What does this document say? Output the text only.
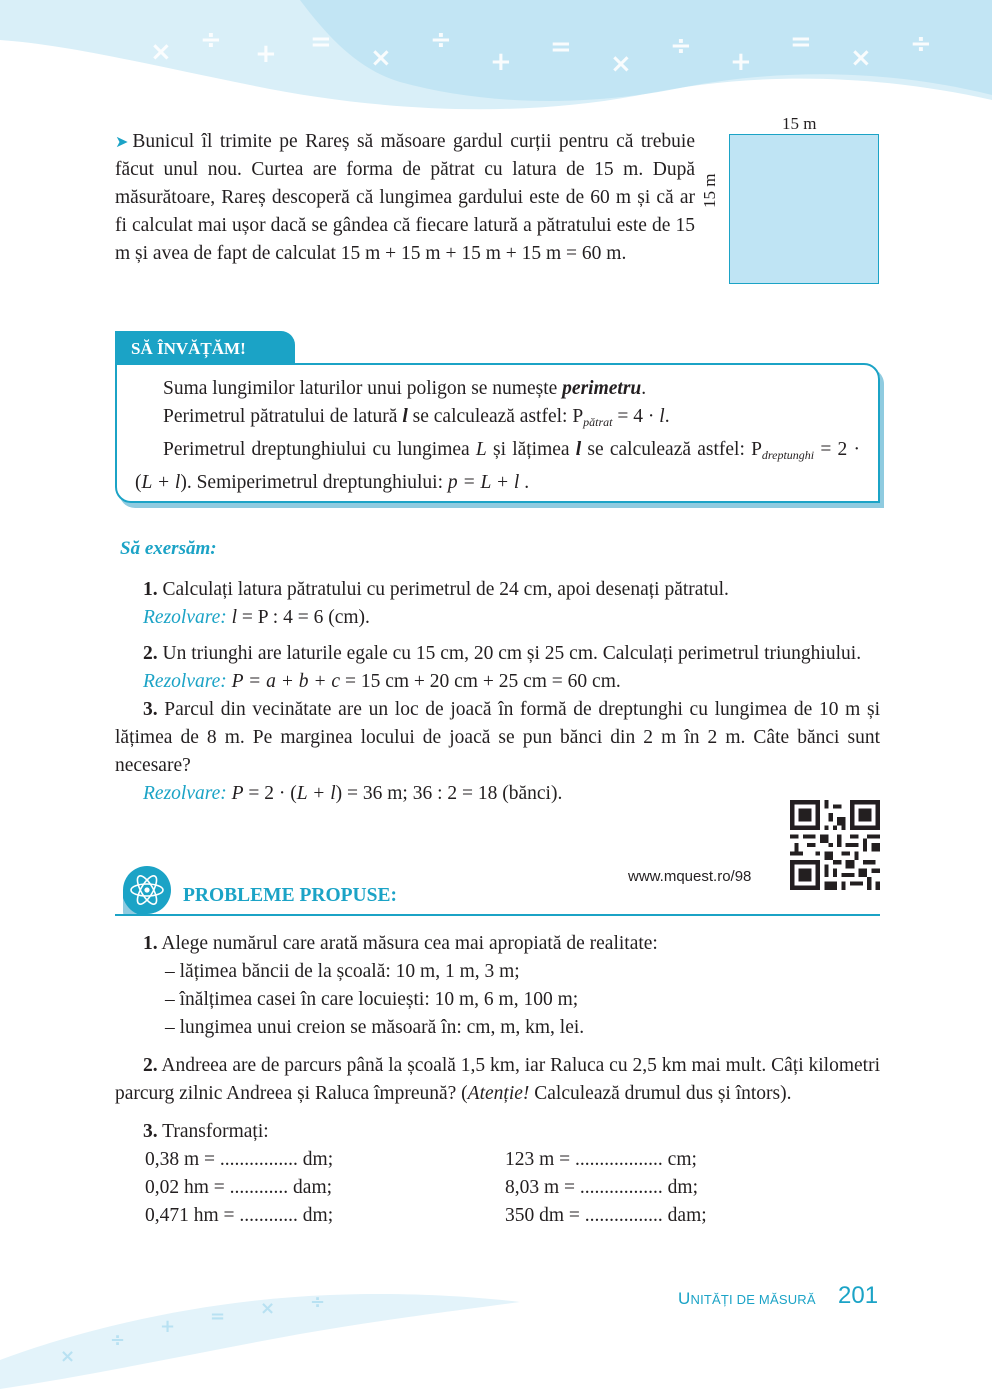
× ÷ + =
×
÷
+ =
×
÷
+
=
× ÷
➤ Bunicul îl trimite pe Rareș să măsoare gardul curții pentru că trebuie făcut unul nou. Curtea are forma de pătrat cu latura de 15 m. După măsurătoare, Rareș descoperă că lungimea gardului este de 60 m și că ar fi calculat mai ușor dacă se gândea că fiecare latură a pătratului este de 15 m și avea de fapt de calculat 15 m + 15 m + 15 m + 15 m = 60 m.
15 m
15 m
SĂ ÎNVĂȚĂM!

Suma lungimilor laturilor unui poligon se numește perimetru.

Perimetrul pătratului de latură l se calculează astfel: $P_{pătrat} = 4 \cdot l$.

Perimetrul dreptunghiului cu lungimea L și lățimea l se calculează astfel: $P_{dreptunghi} = 2 \cdot (L + l)$. Semiperimetrul dreptunghiului: p = L + l .

Să exersăm:

1. Calculați latura pătratului cu perimetrul de 24 cm, apoi desenați pătratul.

Rezolvare: l = P : 4 = 6 (cm).

2. Un triunghi are laturile egale cu 15 cm, 20 cm și 25 cm. Calculați perimetrul triunghiului.

Rezolvare: P = a + b + c = 15 cm + 20 cm + 25 cm = 60 cm.

3. Parcul din vecinătate are un loc de joacă în formă de dreptunghi cu lungimea de 10 m și lățimea de 8 m. Pe marginea locului de joacă se pun bănci din 2 m în 2 m. Câte bănci sunt necesare?

Rezolvare: P = 2 · (L + l) = 36 m; 36 : 2 = 18 (bănci).

www.mquest.ro/98
PROBLEME PROPUSE:

1. Alege numărul care arată măsura cea mai apropiată de realitate:

– lățimea băncii de la școală: 10 m, 1 m, 3 m;

– înălțimea casei în care locuiești: 10 m, 6 m, 100 m;

– lungimea unui creion se măsoară în: cm, m, km, lei.

2. Andreea are de parcurs până la școală 1,5 km, iar Raluca cu 2,5 km mai mult. Câți kilometri parcurg zilnic Andreea și Raluca împreună? (Atenție! Calculează drumul dus și întors).

3. Transformați:

0,38 m = ................ dm;	123 m = .................. cm;
0,02 hm = ............ dam;	8,03 m = ................. dm;
0,471 hm = ............ dm;	350 dm = ................ dam;
×
÷
+ = × ÷	UNITĂȚI DE MĂSURĂ 201
